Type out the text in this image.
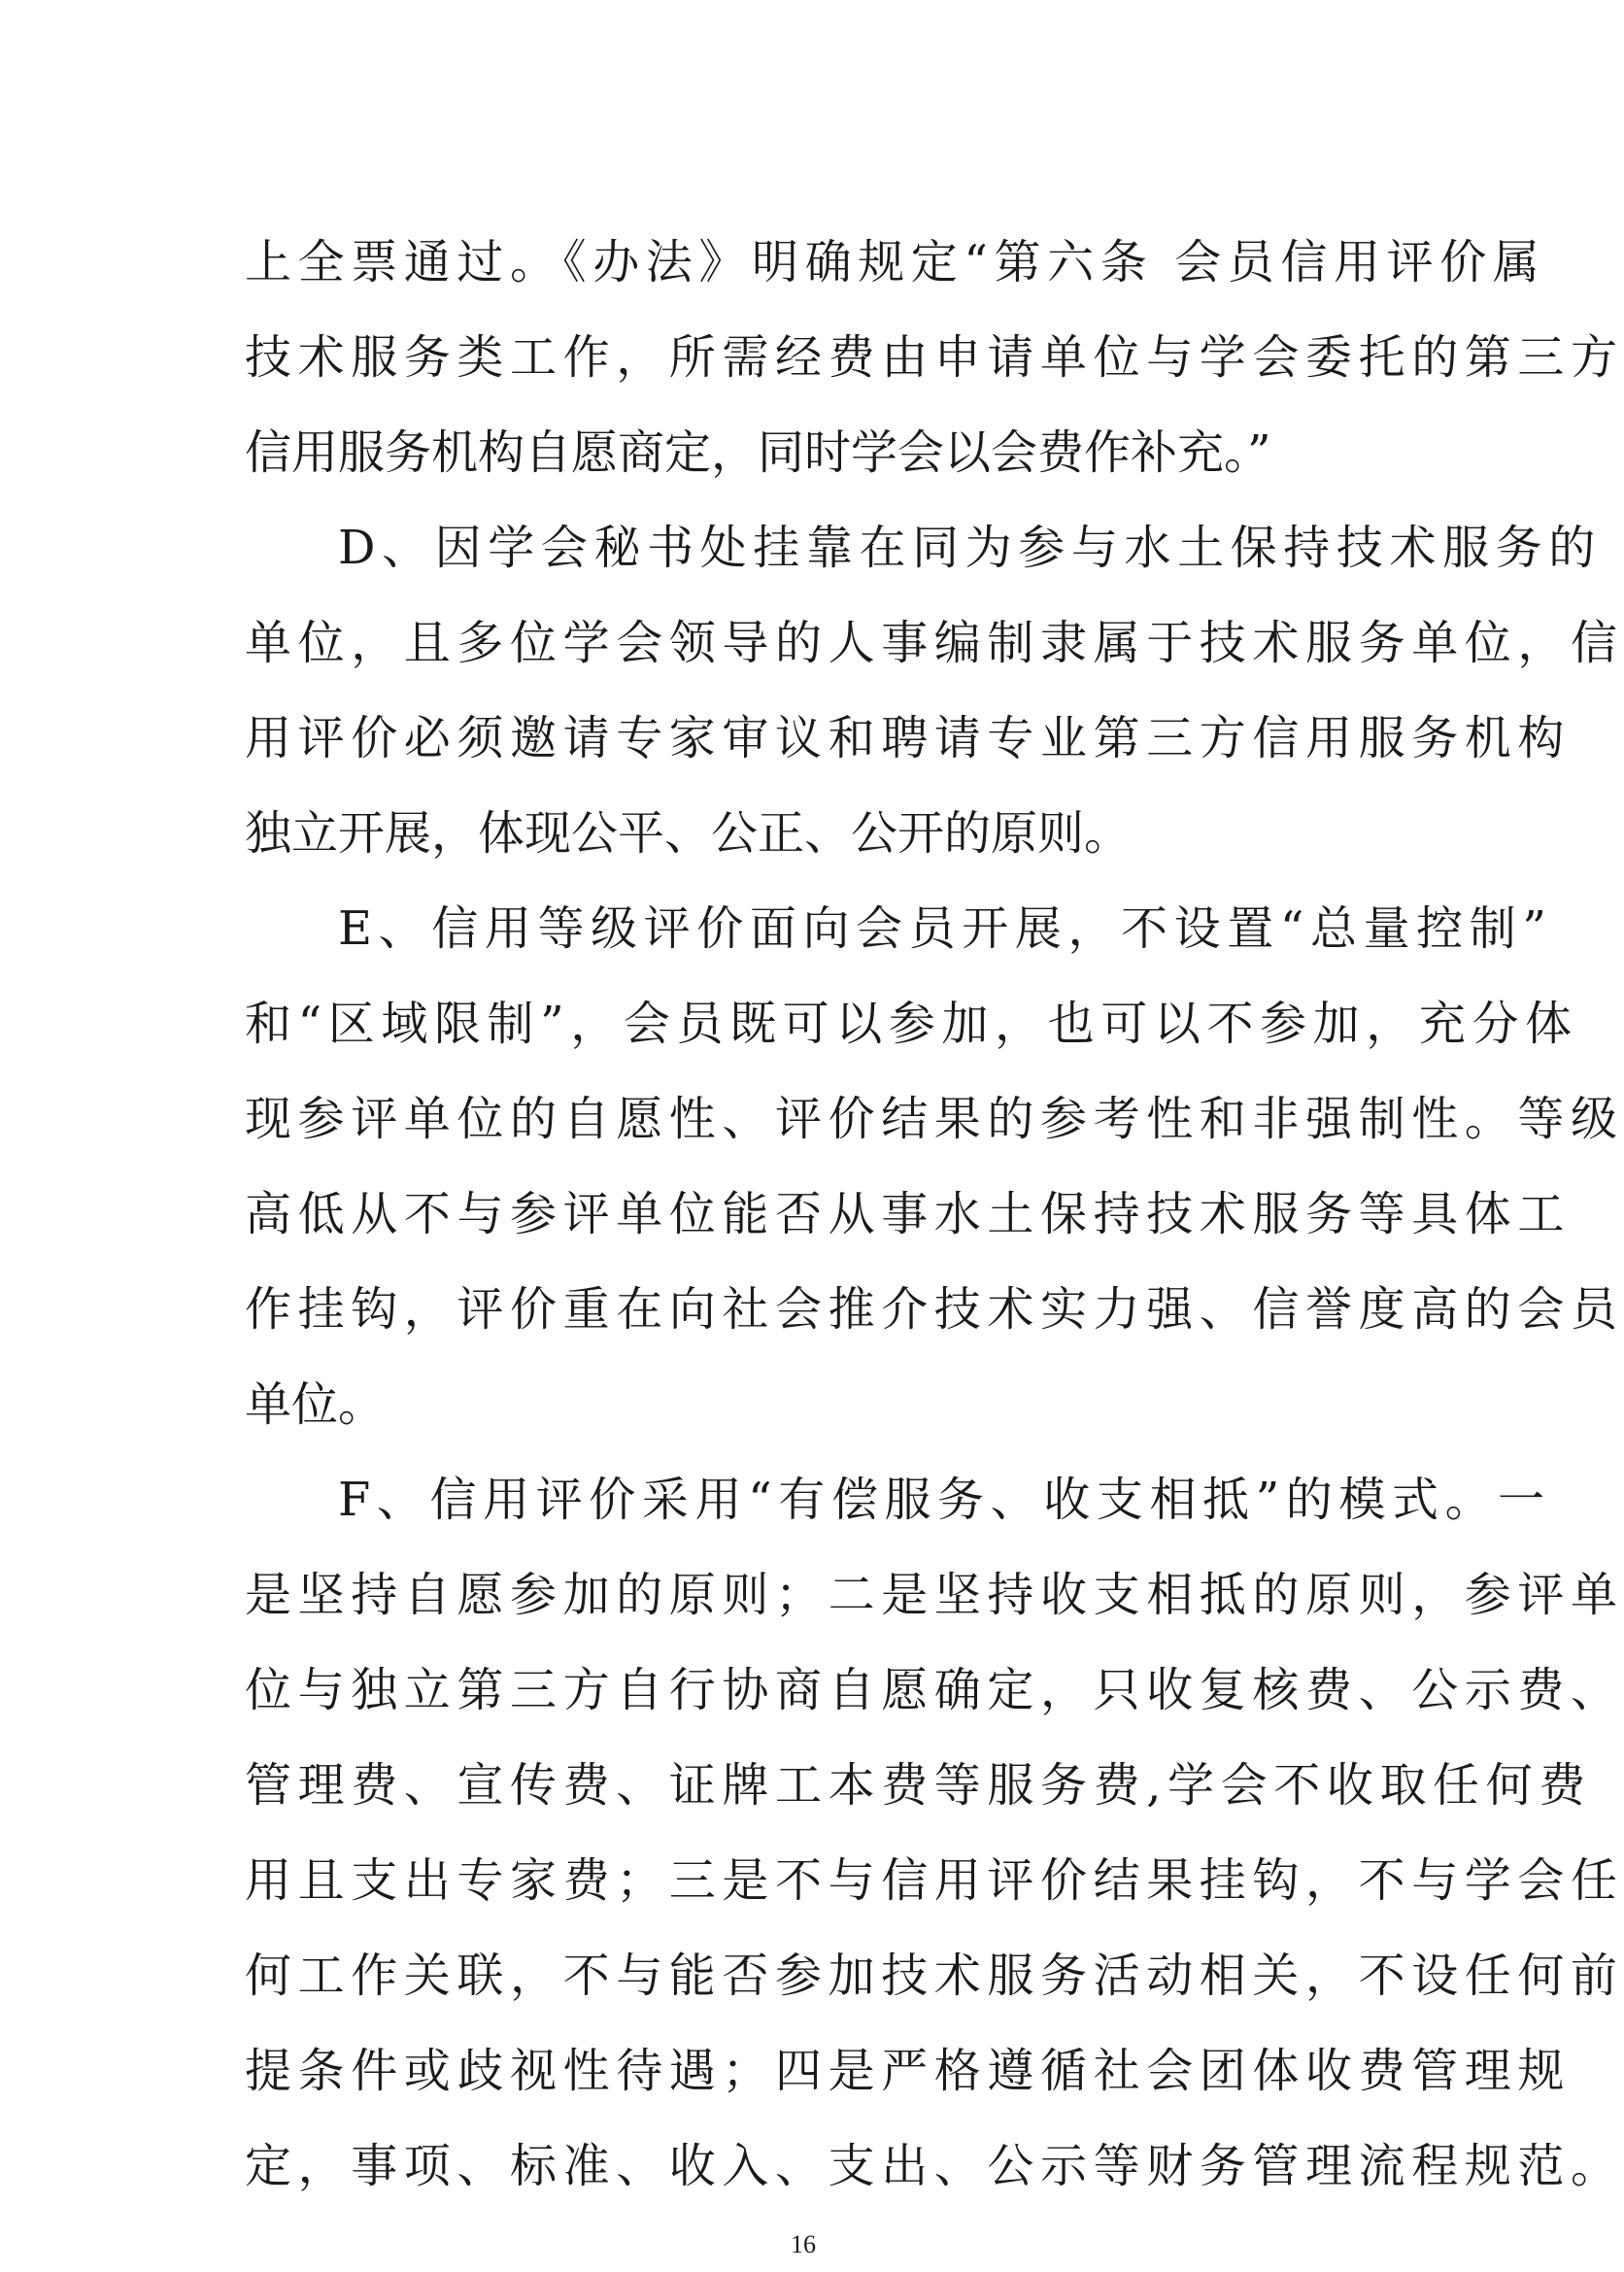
上全票通过。《办法》明确规定“第六条 会员信用评价属
技术服务类工作，所需经费由申请单位与学会委托的第三方
信用服务机构自愿商定，同时学会以会费作补充。”
D、因学会秘书处挂靠在同为参与水土保持技术服务的
单位，且多位学会领导的人事编制隶属于技术服务单位，信
用评价必须邀请专家审议和聘请专业第三方信用服务机构
独立开展，体现公平、公正、公开的原则。
E、信用等级评价面向会员开展，不设置“总量控制”
和“区域限制”，会员既可以参加，也可以不参加，充分体
现参评单位的自愿性、评价结果的参考性和非强制性。等级
高低从不与参评单位能否从事水土保持技术服务等具体工
作挂钩，评价重在向社会推介技术实力强、信誉度高的会员
单位。
F、信用评价采用“有偿服务、收支相抵”的模式。一
是坚持自愿参加的原则；二是坚持收支相抵的原则，参评单
位与独立第三方自行协商自愿确定，只收复核费、公示费、
管理费、宣传费、证牌工本费等服务费,学会不收取任何费
用且支出专家费；三是不与信用评价结果挂钩，不与学会任
何工作关联，不与能否参加技术服务活动相关，不设任何前
提条件或歧视性待遇；四是严格遵循社会团体收费管理规
定，事项、标准、收入、支出、公示等财务管理流程规范。
16
